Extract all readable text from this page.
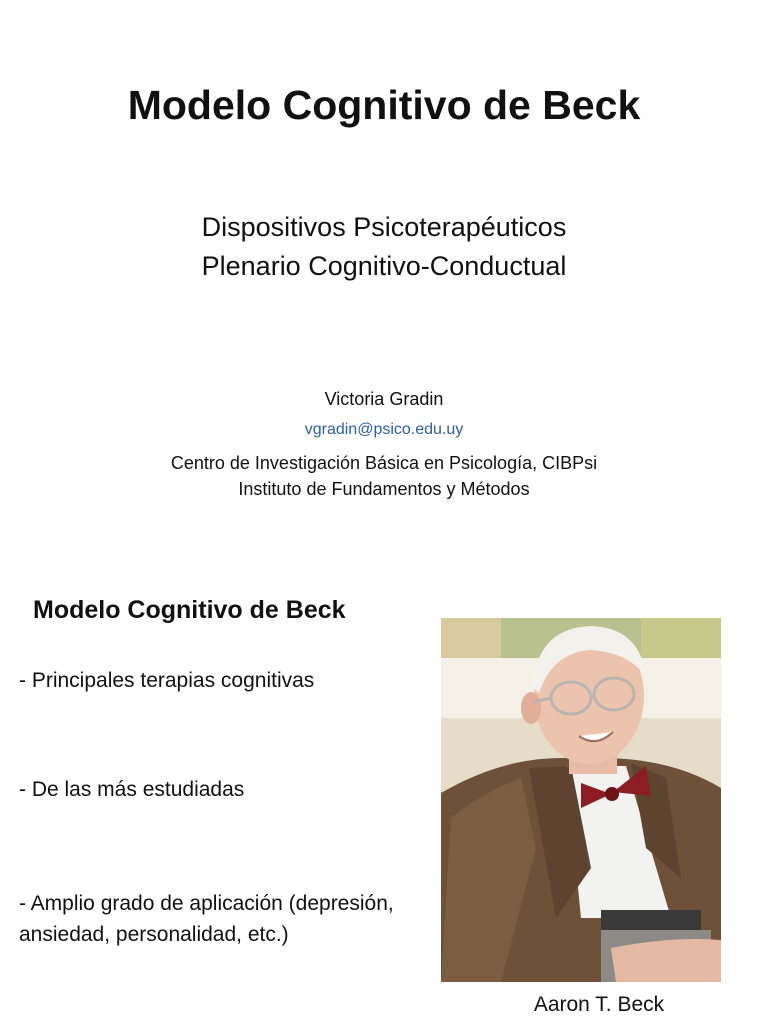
Modelo Cognitivo de Beck

Dispositivos Psicoterapéuticos

Plenario Cognitivo-Conductual

Victoria Gradin

vgradin@psico.edu.uy

Centro de Investigación Básica en Psicología, CIBPsi

Instituto de Fundamentos y Métodos

Modelo Cognitivo de Beck

- Principales terapias cognitivas

- De las más estudiadas

- Amplio grado de aplicación (depresión, ansiedad, personalidad, etc.)

Aaron T. Beck
